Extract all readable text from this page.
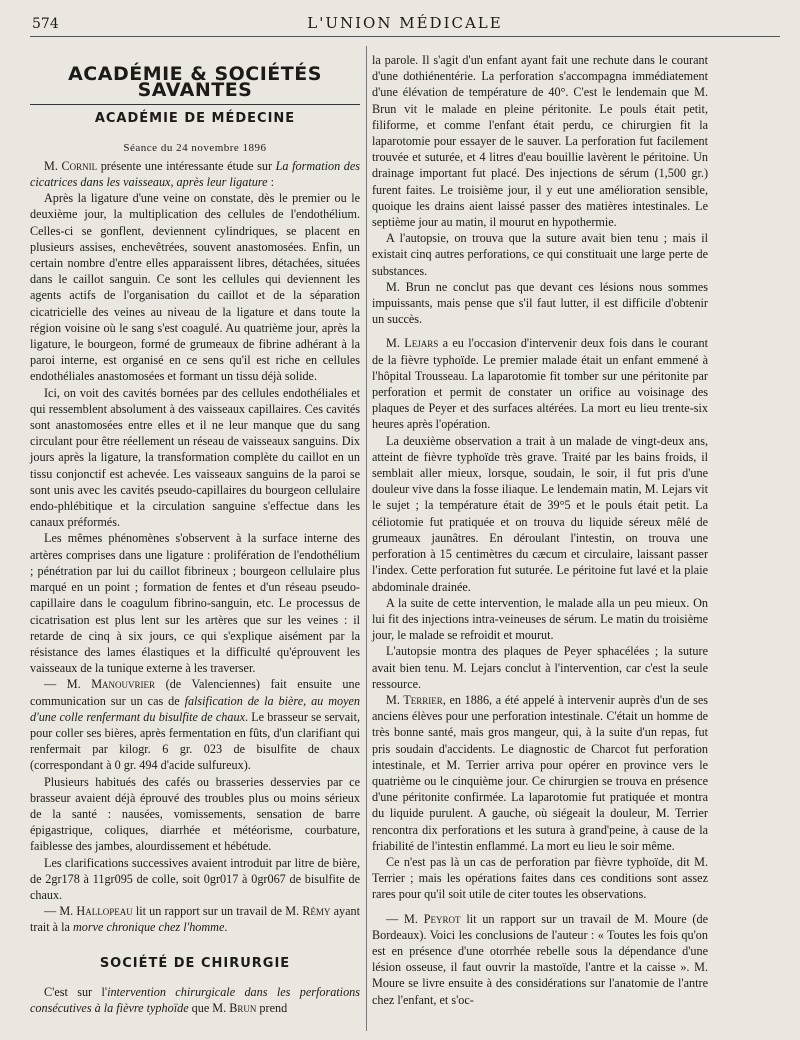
574	L'UNION MÉDICALE
ACADÉMIE & SOCIÉTÉS SAVANTES
ACADÉMIE DE MÉDECINE
Séance du 24 novembre 1896

M. Cornil présente une intéressante étude sur La formation des cicatrices dans les vaisseaux, après leur ligature :

Après la ligature d'une veine on constate, dès le premier ou le deuxième jour, la multiplication des cellules de l'endothélium. Celles-ci se gonflent, deviennent cylindriques, se placent en plusieurs assises, enchevêtrées, souvent anastomosées. Enfin, un certain nombre d'entre elles apparaissent libres, détachées, situées dans le caillot sanguin. Ce sont les cellules qui deviennent les agents actifs de l'organisation du caillot et de la séparation cicatricielle des veines au niveau de la ligature et dans toute la région voisine où le sang s'est coagulé. Au quatrième jour, après la ligature, le bourgeon, formé de grumeaux de fibrine adhérant à la paroi interne, est organisé en ce sens qu'il est riche en cellules endothéliales anastomosées et formant un tissu déjà solide.

Ici, on voit des cavités bornées par des cellules endothéliales et qui ressemblent absolument à des vaisseaux capillaires. Ces cavités sont anastomosées entre elles et il ne leur manque que du sang circulant pour être réellement un réseau de vaisseaux sanguins. Dix jours après la ligature, la transformation complète du caillot en un tissu conjonctif est achevée. Les vaisseaux sanguins de la paroi se sont unis avec les cavités pseudo-capillaires du bourgeon cellulaire endo-phlébitique et la circulation sanguine s'effectue dans les canaux préformés.

Les mêmes phénomènes s'observent à la surface interne des artères comprises dans une ligature : prolifération de l'endothélium ; pénétration par lui du caillot fibrineux ; bourgeon cellulaire plus marqué en un point ; formation de fentes et d'un réseau pseudo-capillaire dans le coagulum fibrino-sanguin, etc. Le processus de cicatrisation est plus lent sur les artères que sur les veines : il retarde de cinq à six jours, ce qui s'explique aisément par la résistance des lames élastiques et la difficulté qu'éprouvent les vaisseaux de la tunique externe à les traverser.

— M. Manouvrier (de Valenciennes) fait ensuite une communication sur un cas de falsification de la bière, au moyen d'une colle renfermant du bisulfite de chaux. Le brasseur se servait, pour coller ses bières, après fermentation en fûts, d'un clarifiant qui renfermait par kilogr. 6 gr. 023 de bisulfite de chaux (correspondant à 0 gr. 494 d'acide sulfureux).

Plusieurs habitués des cafés ou brasseries desservies par ce brasseur avaient déjà éprouvé des troubles plus ou moins sérieux de la santé : nausées, vomissements, sensation de barre épigastrique, coliques, diarrhée et météorisme, courbature, faiblesse des jambes, alourdissement et hébétude.

Les clarifications successives avaient introduit par litre de bière, de 2gr178 à 11gr095 de colle, soit 0gr017 à 0gr067 de bisulfite de chaux.

— M. Hallopeau lit un rapport sur un travail de M. Rémy ayant trait à la morve chronique chez l'homme.

SOCIÉTÉ DE CHIRURGIE

C'est sur l'intervention chirurgicale dans les perforations consécutives à la fièvre typhoïde que M. Brun prend

la parole. Il s'agit d'un enfant ayant fait une rechute dans le courant d'une dothiénentérie. La perforation s'accompagna immédiatement d'une élévation de température de 40°. C'est le lendemain que M. Brun vit le malade en pleine péritonite. Le pouls était petit, filiforme, et comme l'enfant était perdu, ce chirurgien fit la laparotomie pour essayer de le sauver. La perforation fut facilement trouvée et suturée, et 4 litres d'eau bouillie lavèrent le péritoine. Un drainage important fut placé. Des injections de sérum (1,500 gr.) furent faites. Le troisième jour, il y eut une amélioration sensible, quoique les drains aient laissé passer des matières intestinales. Le septième jour au matin, il mourut en hypothermie.

A l'autopsie, on trouva que la suture avait bien tenu ; mais il existait cinq autres perforations, ce qui constituait une large perte de substances.

M. Brun ne conclut pas que devant ces lésions nous sommes impuissants, mais pense que s'il faut lutter, il est difficile d'obtenir un succès.

M. Lejars a eu l'occasion d'intervenir deux fois dans le courant de la fièvre typhoïde. Le premier malade était un enfant emmené à l'hôpital Trousseau. La laparotomie fit tomber sur une péritonite par perforation et permit de constater un orifice au voisinage des plaques de Peyer et des surfaces altérées. La mort eu lieu trente-six heures après l'opération.

La deuxième observation a trait à un malade de vingt-deux ans, atteint de fièvre typhoïde très grave. Traité par les bains froids, il semblait aller mieux, lorsque, soudain, le soir, il fut pris d'une douleur vive dans la fosse iliaque. Le lendemain matin, M. Lejars vit le sujet ; la température était de 39°5 et le pouls était petit. La céliotomie fut pratiquée et on trouva du liquide séreux mêlé de grumeaux jaunâtres. En déroulant l'intestin, on trouva une perforation à 15 centimètres du cæcum et circulaire, laissant passer l'index. Cette perforation fut suturée. Le péritoine fut lavé et la plaie abdominale drainée.

A la suite de cette intervention, le malade alla un peu mieux. On lui fit des injections intra-veineuses de sérum. Le matin du troisième jour, le malade se refroidit et mourut.

L'autopsie montra des plaques de Peyer sphacélées ; la suture avait bien tenu. M. Lejars conclut à l'intervention, car c'est la seule ressource.

M. Terrier, en 1886, a été appelé à intervenir auprès d'un de ses anciens élèves pour une perforation intestinale. C'était un homme de très bonne santé, mais gros mangeur, qui, à la suite d'un repas, fut pris soudain d'accidents. Le diagnostic de Charcot fut perforation intestinale, et M. Terrier arriva pour opérer en province vers le quatrième ou le cinquième jour. Ce chirurgien se trouva en présence d'une péritonite confirmée. La laparotomie fut pratiquée et montra du liquide purulent. A gauche, où siégeait la douleur, M. Terrier rencontra dix perforations et les sutura à grand'peine, à cause de la friabilité de l'intestin enflammé. La mort eu lieu le soir même.

Ce n'est pas là un cas de perforation par fièvre typhoïde, dit M. Terrier ; mais les opérations faites dans ces conditions sont assez rares pour qu'il soit utile de citer toutes les observations.

— M. Peyrot lit un rapport sur un travail de M. Moure (de Bordeaux). Voici les conclusions de l'auteur : « Toutes les fois qu'on est en présence d'une otorrhée rebelle sous la dépendance d'une lésion osseuse, il faut ouvrir la mastoïde, l'antre et la caisse ». M. Moure se livre ensuite à des considérations sur l'anatomie de l'antre chez l'enfant, et s'oc-
